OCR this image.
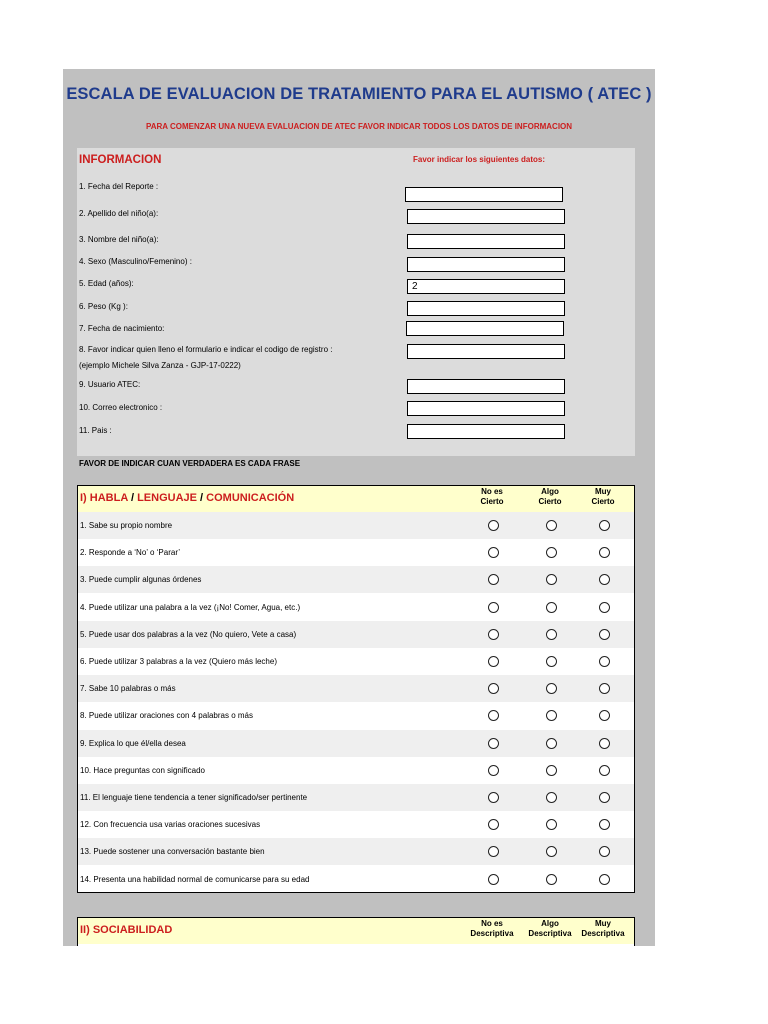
ESCALA DE EVALUACION DE TRATAMIENTO PARA EL AUTISMO ( ATEC )
PARA COMENZAR UNA NUEVA EVALUACION DE ATEC FAVOR INDICAR TODOS LOS DATOS DE INFORMACION
INFORMACION	Favor indicar los siguientes datos:
1. Fecha del Reporte :
2. Apellido del niño(a):
3. Nombre del niño(a):
4. Sexo (Masculino/Femenino) :
5. Edad (años):
2
6. Peso (Kg ):
7. Fecha de nacimiento:
8. Favor indicar quien lleno el formulario e indicar el codigo de registro :
(ejemplo Michele Silva Zanza - GJP-17-0222)
9. Usuario ATEC:
10. Correo electronico :
11. Pais :
FAVOR DE INDICAR CUAN VERDADERA ES CADA FRASE
I) HABLA / LENGUAJE / COMUNICACIÓN
No es
Cierto
Algo
Cierto
Muy
Cierto
1. Sabe su propio nombre
2. Responde a ‘No’ o ‘Parar’
3. Puede cumplir algunas órdenes
4. Puede utilizar una palabra a la vez (¡No! Comer, Agua, etc.)
5. Puede usar dos palabras a la vez (No quiero, Vete a casa)
6. Puede utilizar 3 palabras a la vez (Quiero más leche)
7. Sabe 10 palabras o más
8. Puede utilizar oraciones con 4 palabras o más
9. Explica lo que él/ella desea
10. Hace preguntas con significado
11. El lenguaje tiene tendencia a tener significado/ser pertinente
12. Con frecuencia usa varias oraciones sucesivas
13. Puede sostener una conversación bastante bien
14. Presenta una habilidad normal de comunicarse para su edad
II) SOCIABILIDAD
No es
Descriptiva
Algo
Descriptiva
Muy
Descriptiva
